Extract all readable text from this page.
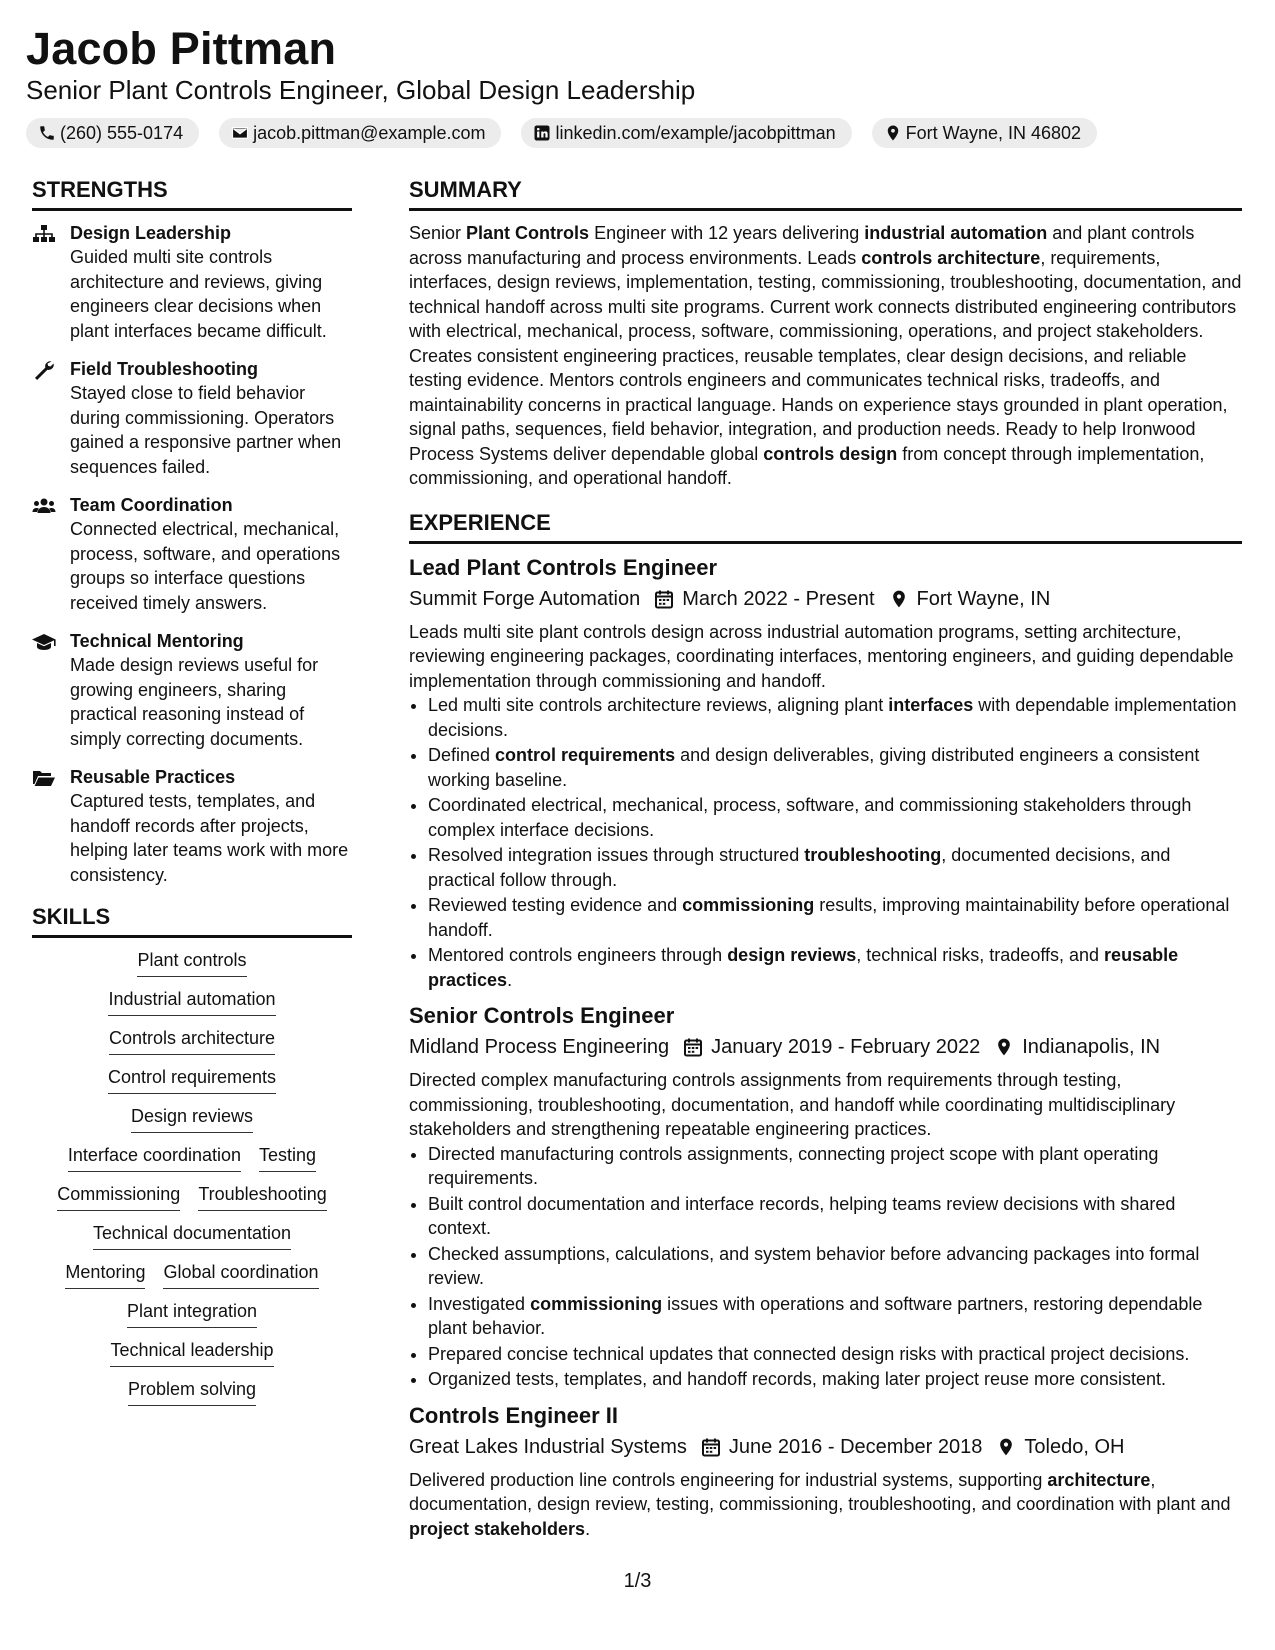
Jacob Pittman
Senior Plant Controls Engineer, Global Design Leadership
(260) 555-0174	jacob.pittman@example.com	linkedin.com/example/jacobpittman	Fort Wayne, IN 46802
STRENGTHS
Design Leadership
Guided multi site controls architecture and reviews, giving engineers clear decisions when plant interfaces became difficult.
Field Troubleshooting
Stayed close to field behavior during commissioning. Operators gained a responsive partner when sequences failed.
Team Coordination
Connected electrical, mechanical, process, software, and operations groups so interface questions received timely answers.
Technical Mentoring
Made design reviews useful for growing engineers, sharing practical reasoning instead of simply correcting documents.
Reusable Practices
Captured tests, templates, and handoff records after projects, helping later teams work with more consistency.
SKILLS
Plant controls
Industrial automation
Controls architecture
Control requirements
Design reviews
Interface coordination Testing
Commissioning Troubleshooting
Technical documentation
Mentoring Global coordination
Plant integration
Technical leadership
Problem solving
SUMMARY
Senior Plant Controls Engineer with 12 years delivering industrial automation and plant controls across manufacturing and process environments. Leads controls architecture, requirements, interfaces, design reviews, implementation, testing, commissioning, troubleshooting, documentation, and technical handoff across multi site programs. Current work connects distributed engineering contributors with electrical, mechanical, process, software, commissioning, operations, and project stakeholders. Creates consistent engineering practices, reusable templates, clear design decisions, and reliable testing evidence. Mentors controls engineers and communicates technical risks, tradeoffs, and maintainability concerns in practical language. Hands on experience stays grounded in plant operation, signal paths, sequences, field behavior, integration, and production needs. Ready to help Ironwood Process Systems deliver dependable global controls design from concept through implementation, commissioning, and operational handoff.
EXPERIENCE
Lead Plant Controls Engineer
Summit Forge Automation March 2022 - Present Fort Wayne, IN
Leads multi site plant controls design across industrial automation programs, setting architecture, reviewing engineering packages, coordinating interfaces, mentoring engineers, and guiding dependable implementation through commissioning and handoff.
• Led multi site controls architecture reviews, aligning plant interfaces with dependable implementation decisions.
• Defined control requirements and design deliverables, giving distributed engineers a consistent working baseline.
• Coordinated electrical, mechanical, process, software, and commissioning stakeholders through complex interface decisions.
• Resolved integration issues through structured troubleshooting, documented decisions, and practical follow through.
• Reviewed testing evidence and commissioning results, improving maintainability before operational handoff.
• Mentored controls engineers through design reviews, technical risks, tradeoffs, and reusable practices.
Senior Controls Engineer
Midland Process Engineering January 2019 - February 2022 Indianapolis, IN
Directed complex manufacturing controls assignments from requirements through testing, commissioning, troubleshooting, documentation, and handoff while coordinating multidisciplinary stakeholders and strengthening repeatable engineering practices.
• Directed manufacturing controls assignments, connecting project scope with plant operating requirements.
• Built control documentation and interface records, helping teams review decisions with shared context.
• Checked assumptions, calculations, and system behavior before advancing packages into formal review.
• Investigated commissioning issues with operations and software partners, restoring dependable plant behavior.
• Prepared concise technical updates that connected design risks with practical project decisions.
• Organized tests, templates, and handoff records, making later project reuse more consistent.
Controls Engineer II
Great Lakes Industrial Systems June 2016 - December 2018 Toledo, OH
Delivered production line controls engineering for industrial systems, supporting architecture, documentation, design review, testing, commissioning, troubleshooting, and coordination with plant and project stakeholders.
1/3
